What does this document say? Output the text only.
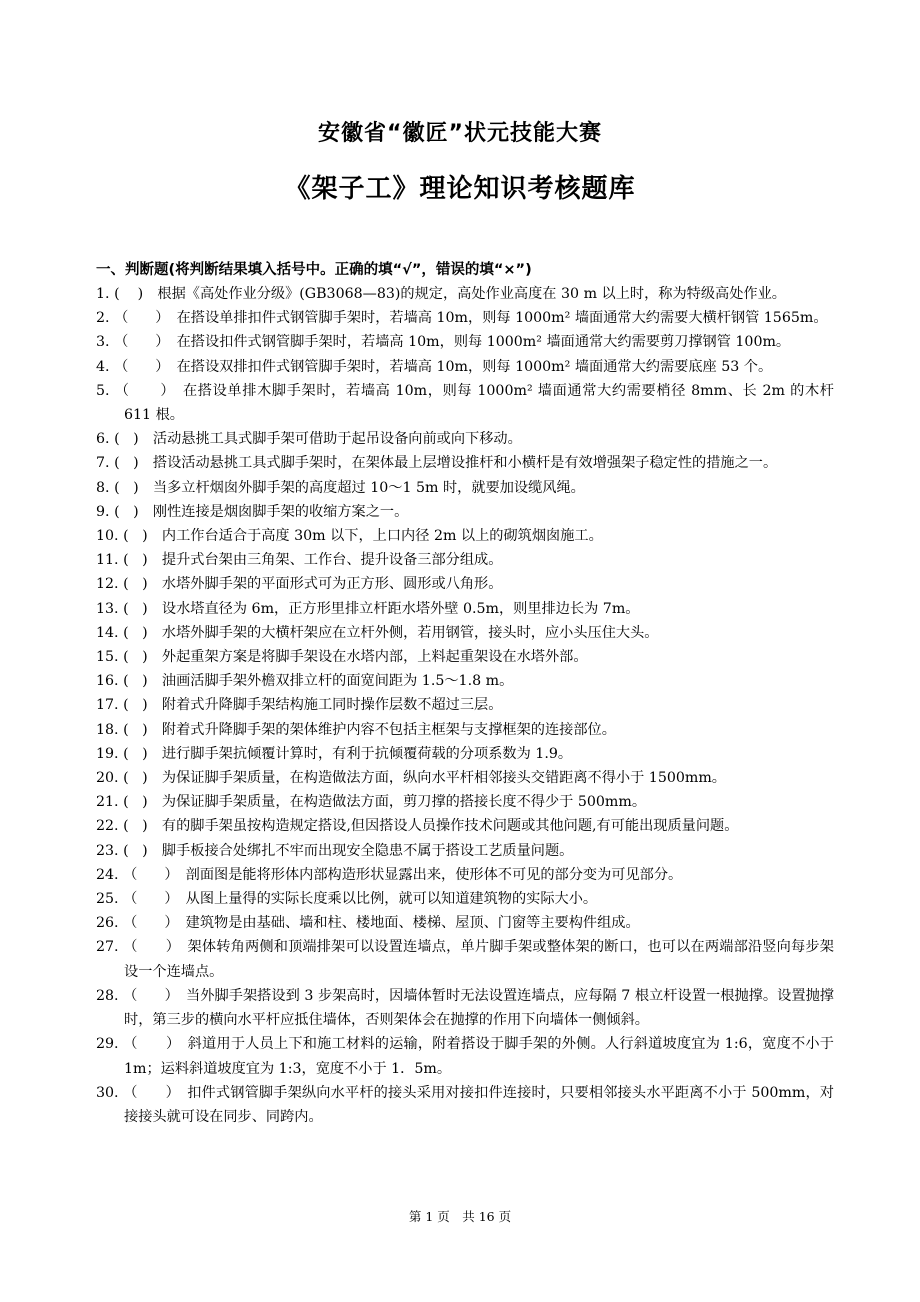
安徽省“徽匠”状元技能大赛
《架子工》理论知识考核题库
一、判断题(将判断结果填入括号中。正确的填“√”，错误的填“×”)
1. (    )　 根据《高处作业分级》(GB3068—83)的规定，高处作业高度在 30 m 以上时，称为特级高处作业。
2. （      ）　 在搭设单排扣件式钢管脚手架时，若墙高 10m，则每 1000m² 墙面通常大约需要大横杆钢管 1565m。
3. （      ）　 在搭设扣件式钢管脚手架时，若墙高 10m，则每 1000m² 墙面通常大约需要剪刀撑钢管 100m。
4. （      ）　 在搭设双排扣件式钢管脚手架时，若墙高 10m，则每 1000m² 墙面通常大约需要底座 53 个。
5. （      ）　 在搭设单排木脚手架时，若墙高 10m，则每 1000m² 墙面通常大约需要梢径 8mm、长 2m 的木杆 611 根。
6. (   )　 活动悬挑工具式脚手架可借助于起吊设备向前或向下移动。
7. (   )　 搭设活动悬挑工具式脚手架时，在架体最上层增设推杆和小横杆是有效增强架子稳定性的措施之一。
8. (   )　 当多立杆烟囱外脚手架的高度超过 10～1 5m 时，就要加设缆风绳。
9. (   )　 刚性连接是烟囱脚手架的收缩方案之一。
10. (   )　 内工作台适合于高度 30m 以下，上口内径 2m 以上的砌筑烟囱施工。
11. (   )　 提升式台架由三角架、工作台、提升设备三部分组成。
12. (   )　 水塔外脚手架的平面形式可为正方形、圆形或八角形。
13. (   )　 设水塔直径为 6m，正方形里排立杆距水塔外壁 0.5m，则里排边长为 7m。
14. (   )　 水塔外脚手架的大横杆架应在立杆外侧，若用钢管，接头时，应小头压住大头。
15. (   )　 外起重架方案是将脚手架设在水塔内部，上料起重架设在水塔外部。
16. (   )　 油画活脚手架外檐双排立杆的面宽间距为 1.5～1.8 m。
17. (   )　 附着式升降脚手架结构施工同时操作层数不超过三层。
18. (   )　 附着式升降脚手架的架体维护内容不包括主框架与支撑框架的连接部位。
19. (   )　 进行脚手架抗倾覆计算时，有利于抗倾覆荷载的分项系数为 1.9。
20. (   )　 为保证脚手架质量，在构造做法方面，纵向水平杆相邻接头交错距离不得小于 1500mm。
21. (   )　 为保证脚手架质量，在构造做法方面，剪刀撑的搭接长度不得少于 500mm。
22. (   )　 有的脚手架虽按构造规定搭设,但因搭设人员操作技术问题或其他问题,有可能出现质量问题。
23. (   )　 脚手板接合处绑扎不牢而出现安全隐患不属于搭设工艺质量问题。
24. （      ）　 剖面图是能将形体内部构造形状显露出来，使形体不可见的部分变为可见部分。
25. （      ）　 从图上量得的实际长度乘以比例，就可以知道建筑物的实际大小。
26. （      ）　 建筑物是由基础、墙和柱、楼地面、楼梯、屋顶、门窗等主要构件组成。
27. （      ）　 架体转角两侧和顶端排架可以设置连墙点，单片脚手架或整体架的断口，也可以在两端部沿竖向每步架设一个连墙点。
28. （      ）　 当外脚手架搭设到 3 步架高时，因墙体暂时无法设置连墙点，应每隔 7 根立杆设置一根抛撑。设置抛撑时，第三步的横向水平杆应抵住墙体，否则架体会在抛撑的作用下向墙体一侧倾斜。
29. （      ）　 斜道用于人员上下和施工材料的运输，附着搭设于脚手架的外侧。人行斜道坡度宜为 1:6，宽度不小于 1m；运料斜道坡度宜为 1:3，宽度不小于 1．5m。
30. （      ）　 扣件式钢管脚手架纵向水平杆的接头采用对接扣件连接时，只要相邻接头水平距离不小于 500mm，对接接头就可设在同步、同跨内。
第 1 页　共 16 页
